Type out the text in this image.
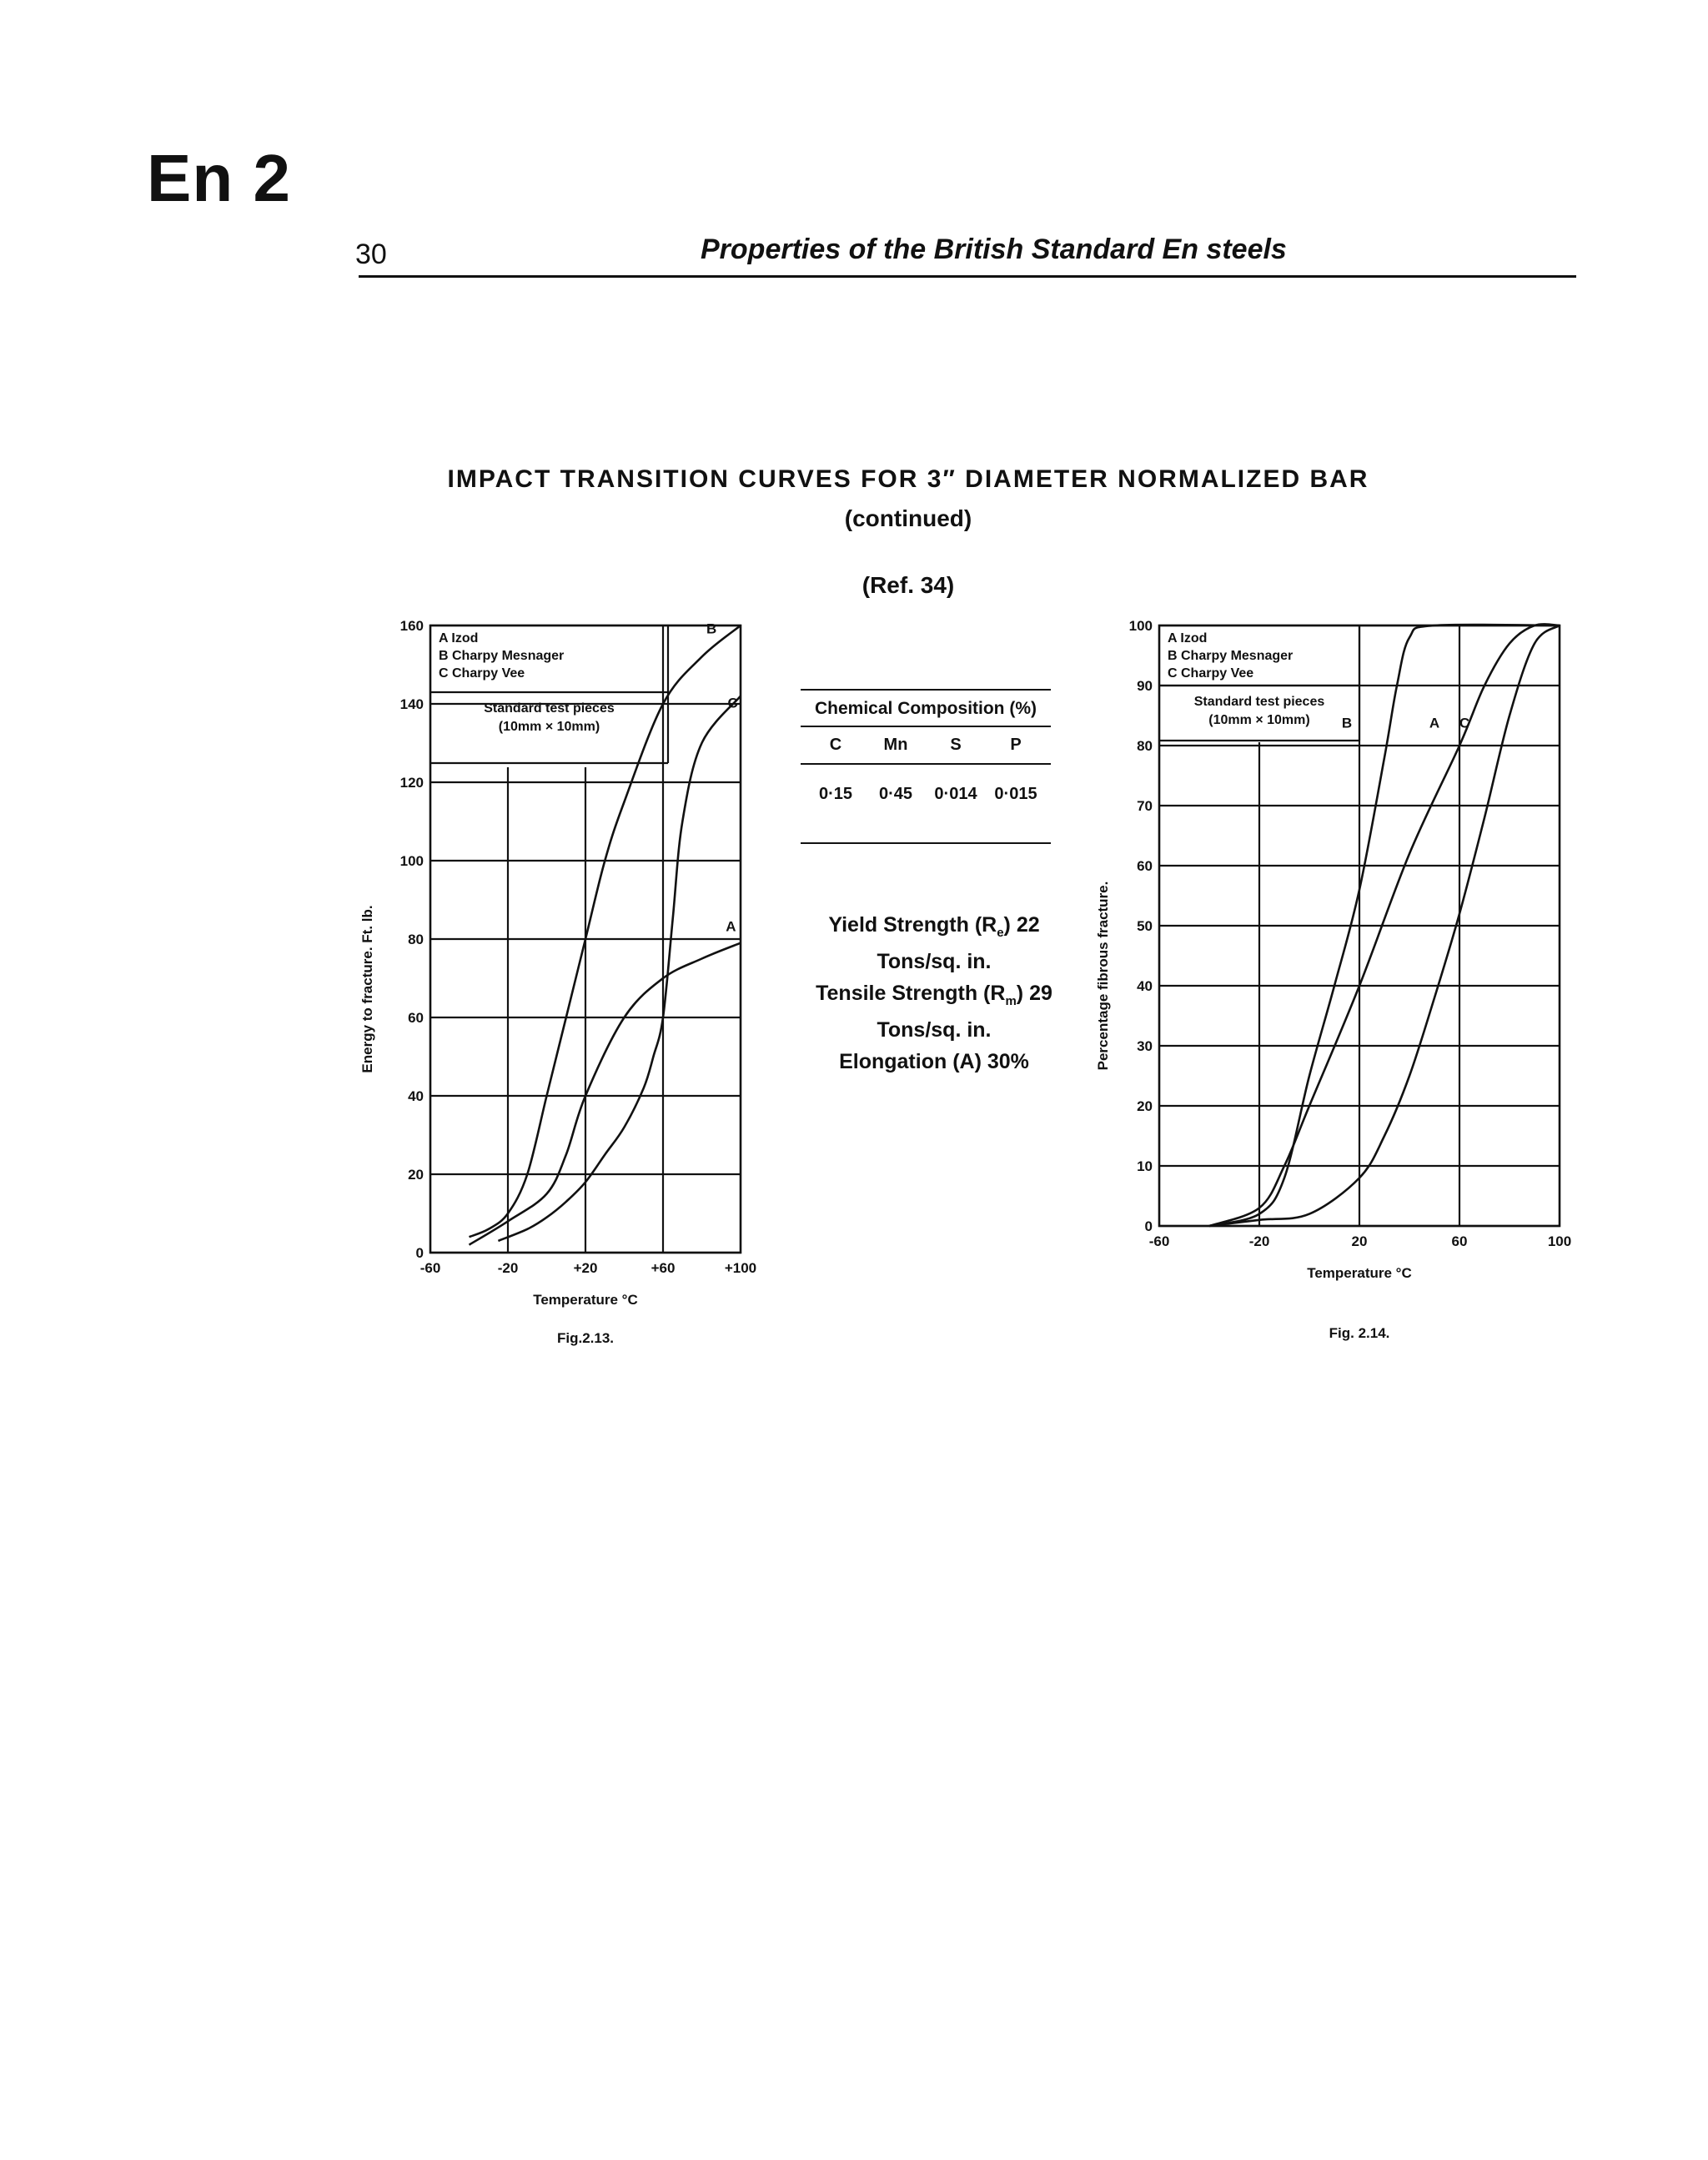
En 2
30	Properties of the British Standard En steels
IMPACT TRANSITION CURVES FOR 3″ DIAMETER NORMALIZED BAR
(continued)
(Ref. 34)
A
B
C
0
20
40
60
80
100
120
140
160
-60	-20	+20	+60	+100
A Izod
B Charpy Mesnager
C Charpy Vee
Standard test pieces
(10mm × 10mm)
Temperature °C
Energy to fracture. Ft. lb.
Fig.2.13.
Chemical Composition (%)
C	Mn	S	P
0·15	0·45	0·014	0·015
Yield Strength $(R_e)$ 22
Tons/sq. in.
Tensile Strength $(R_m)$ 29
Tons/sq. in.
Elongation (A) 30%
A
B	C
0
10
20
30
40
50
60
70
80
90
100
-60	-20	20	60	100
A Izod
B Charpy Mesnager
C Charpy Vee
Standard test pieces
(10mm × 10mm)
Temperature °C
Percentage fibrous fracture.
Fig. 2.14.
